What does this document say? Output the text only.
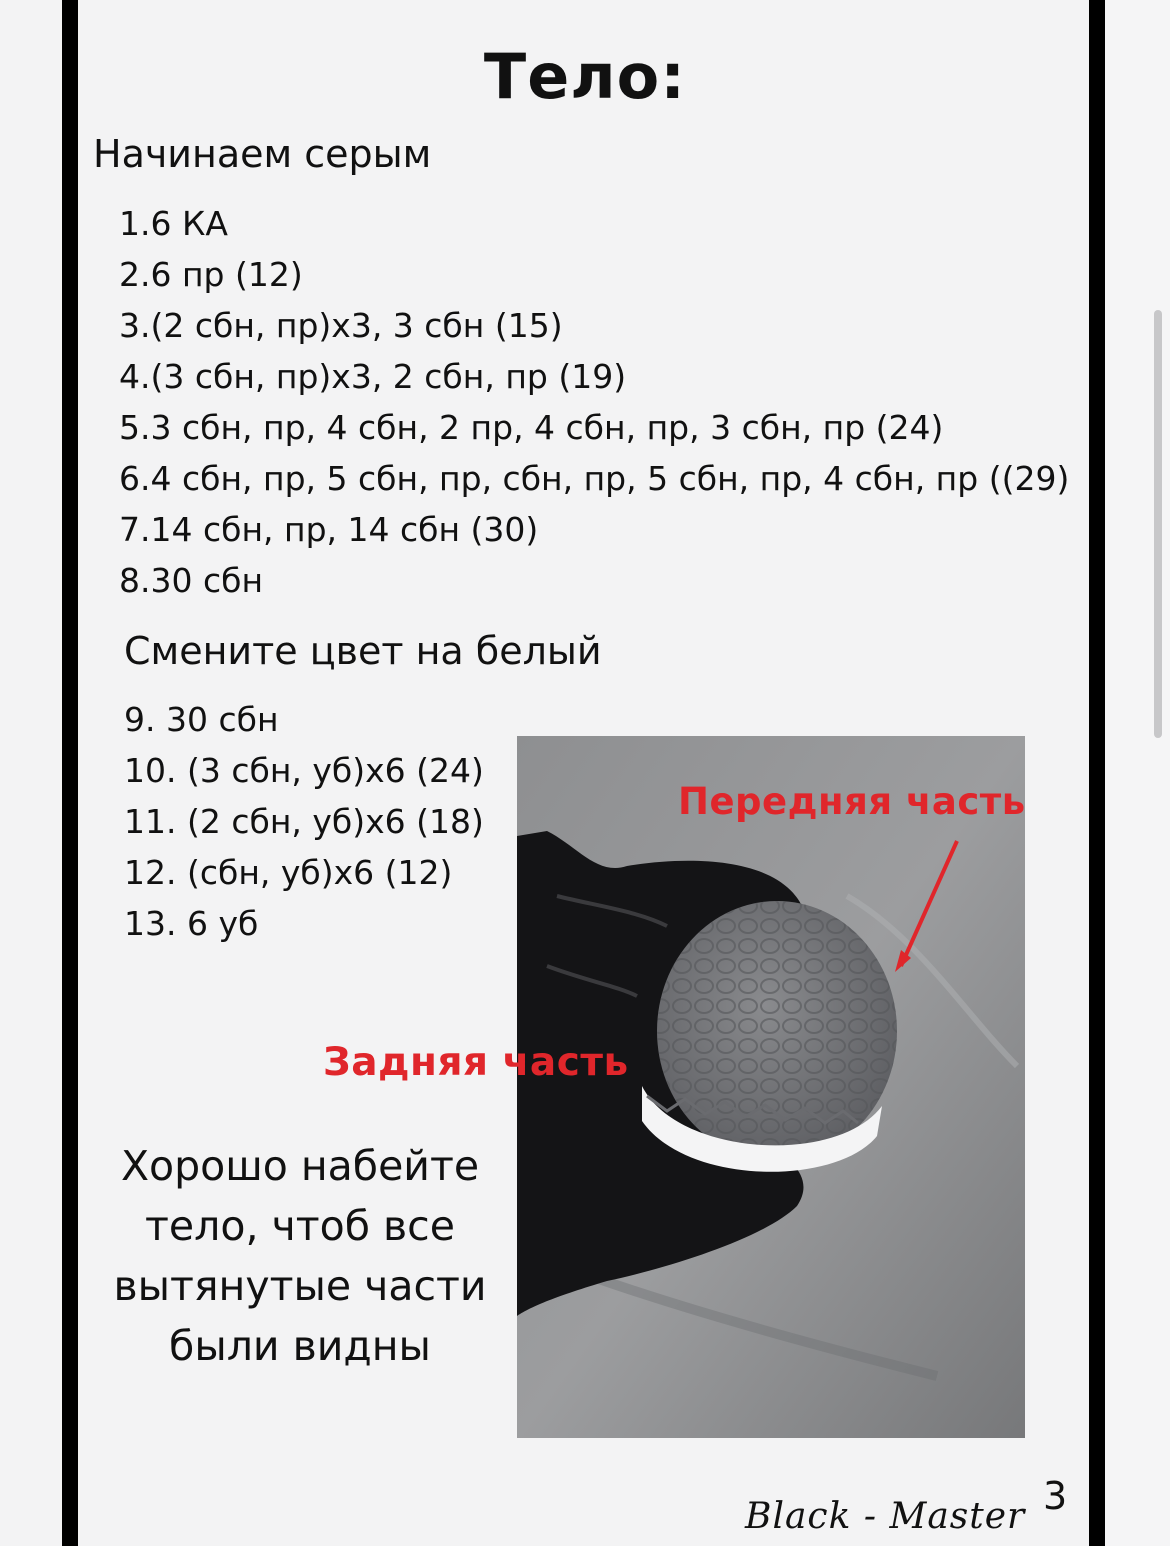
Тело:
Начинаем серым
1.6 КА
2.6 пр (12)
3.(2 сбн, пр)х3, 3 сбн (15)
4.(3 сбн, пр)х3, 2 сбн, пр (19)
5.3 сбн, пр, 4 сбн, 2 пр, 4 сбн, пр, 3 сбн, пр (24)
6.4 сбн, пр, 5 сбн, пр, сбн, пр, 5 сбн, пр, 4 сбн, пр ((29)
7.14 сбн, пр, 14 сбн (30)
8.30 сбн
Смените цвет на белый
9. 30 сбн
10. (3 сбн, уб)х6 (24)
11. (2 сбн, уб)х6 (18)
12. (сбн, уб)х6 (12)
13. 6 уб
Хорошо набейте
тело, чтоб все
вытянутые части
были видны
Задняя часть
Передняя часть
Black - Master 3
